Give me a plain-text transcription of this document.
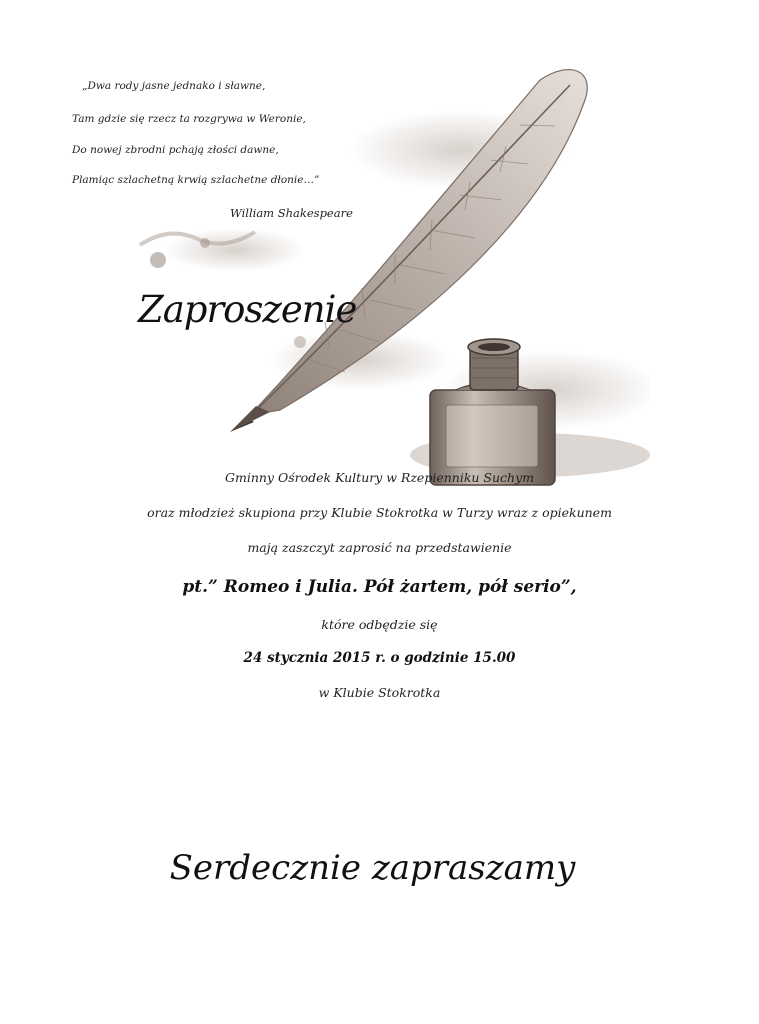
„Dwa rody jasne jednako i sławne,
Tam gdzie się rzecz ta rozgrywa w Weronie,
Do nowej zbrodni pchają złości dawne,
Plamiąc szlachetną krwią szlachetne dłonie…”
William Shakespeare
Zaproszenie
Gminny Ośrodek Kultury w Rzepienniku Suchym
oraz młodzież skupiona przy Klubie Stokrotka w Turzy wraz z opiekunem
mają zaszczyt zaprosić na przedstawienie
pt.” Romeo i Julia. Pół żartem, pół serio”,
które odbędzie się
24 stycznia 2015 r. o godzinie 15.00
w Klubie Stokrotka
Serdecznie zapraszamy
